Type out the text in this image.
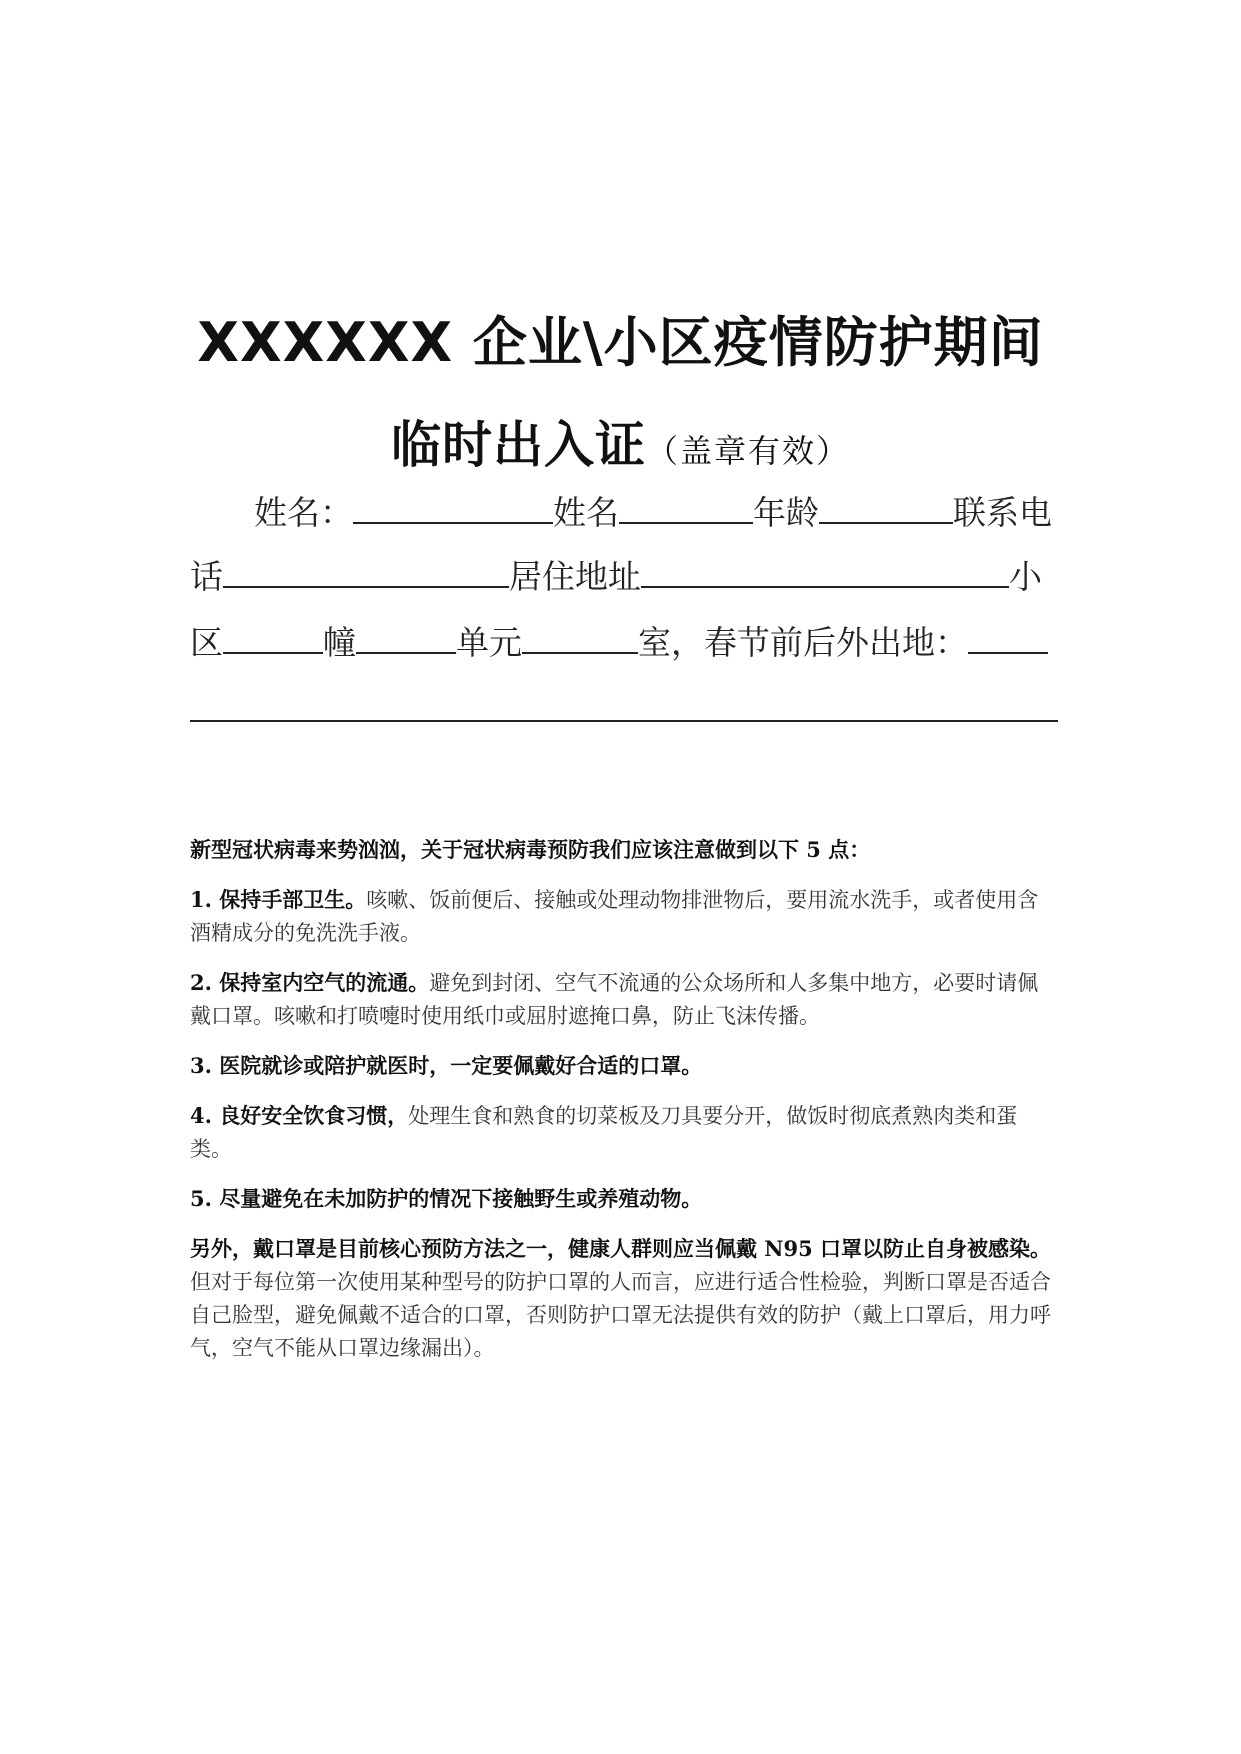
XXXXXX 企业\小区疫情防护期间
临时出入证（盖章有效）
姓名：	姓名	年龄	联系电
话	居住地址	小
区	幢	单元	室，春节前后外出地：
新型冠状病毒来势汹汹，关于冠状病毒预防我们应该注意做到以下 5 点：
1. 保持手部卫生。咳嗽、饭前便后、接触或处理动物排泄物后，要用流水洗手，或者使用含酒精成分的免洗洗手液。
2. 保持室内空气的流通。避免到封闭、空气不流通的公众场所和人多集中地方，必要时请佩戴口罩。咳嗽和打喷嚏时使用纸巾或屈肘遮掩口鼻，防止飞沫传播。
3. 医院就诊或陪护就医时，一定要佩戴好合适的口罩。
4. 良好安全饮食习惯，处理生食和熟食的切菜板及刀具要分开，做饭时彻底煮熟肉类和蛋类。
5. 尽量避免在未加防护的情况下接触野生或养殖动物。
另外，戴口罩是目前核心预防方法之一，健康人群则应当佩戴 N95 口罩以防止自身被感染。但对于每位第一次使用某种型号的防护口罩的人而言，应进行适合性检验，判断口罩是否适合自己脸型，避免佩戴不适合的口罩，否则防护口罩无法提供有效的防护（戴上口罩后，用力呼气，空气不能从口罩边缘漏出）。
